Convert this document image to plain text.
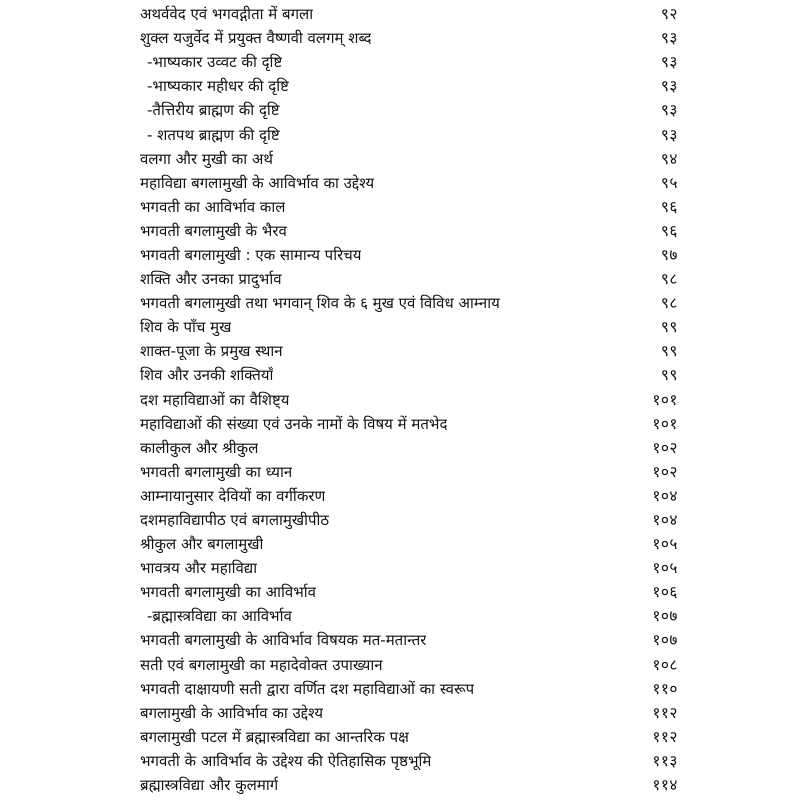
अथर्ववेद एवं भगवद्गीता में बगला	९२
शुक्ल यजुर्वेद में प्रयुक्त वैष्णवी वलगम् शब्द	९३
-भाष्यकार उव्वट की दृष्टि	९३
-भाष्यकार महीधर की दृष्टि	९३
-तैत्तिरीय ब्राह्मण की दृष्टि	९३
- शतपथ ब्राह्मण की दृष्टि	९३
वलगा और मुखी का अर्थ	९४
महाविद्या बगलामुखी के आविर्भाव का उद्देश्य	९५
भगवती का आविर्भाव काल	९६
भगवती बगलामुखी के भैरव	९६
भगवती बगलामुखी : एक सामान्य परिचय	९७
शक्ति और उनका प्रादुर्भाव	९८
भगवती बगलामुखी तथा भगवान् शिव के ६ मुख एवं विविध आम्नाय	९८
शिव के पाँच मुख	९९
शाक्त-पूजा के प्रमुख स्थान	९९
शिव और उनकी शक्तियाँ	९९
दश महाविद्याओं का वैशिष्ट्य	१०१
महाविद्याओं की संख्या एवं उनके नामों के विषय में मतभेद	१०१
कालीकुल और श्रीकुल	१०२
भगवती बगलामुखी का ध्यान	१०२
आम्नायानुसार देवियों का वर्गीकरण	१०४
दशमहाविद्यापीठ एवं बगलामुखीपीठ	१०४
श्रीकुल और बगलामुखी	१०५
भावत्रय और महाविद्या	१०५
भगवती बगलामुखी का आविर्भाव	१०६
-ब्रह्मास्त्रविद्या का आविर्भाव	१०७
भगवती बगलामुखी के आविर्भाव विषयक मत-मतान्तर	१०७
सती एवं बगलामुखी का महादेवोक्त उपाख्यान	१०८
भगवती दाक्षायणी सती द्वारा वर्णित दश महाविद्याओं का स्वरूप	११०
बगलामुखी के आविर्भाव का उद्देश्य	११२
बगलामुखी पटल में ब्रह्मास्त्रविद्या का आन्तरिक पक्ष	११२
भगवती के आविर्भाव के उद्देश्य की ऐतिहासिक पृष्ठभूमि	११३
ब्रह्मास्त्रविद्या और कुलमार्ग	११४
